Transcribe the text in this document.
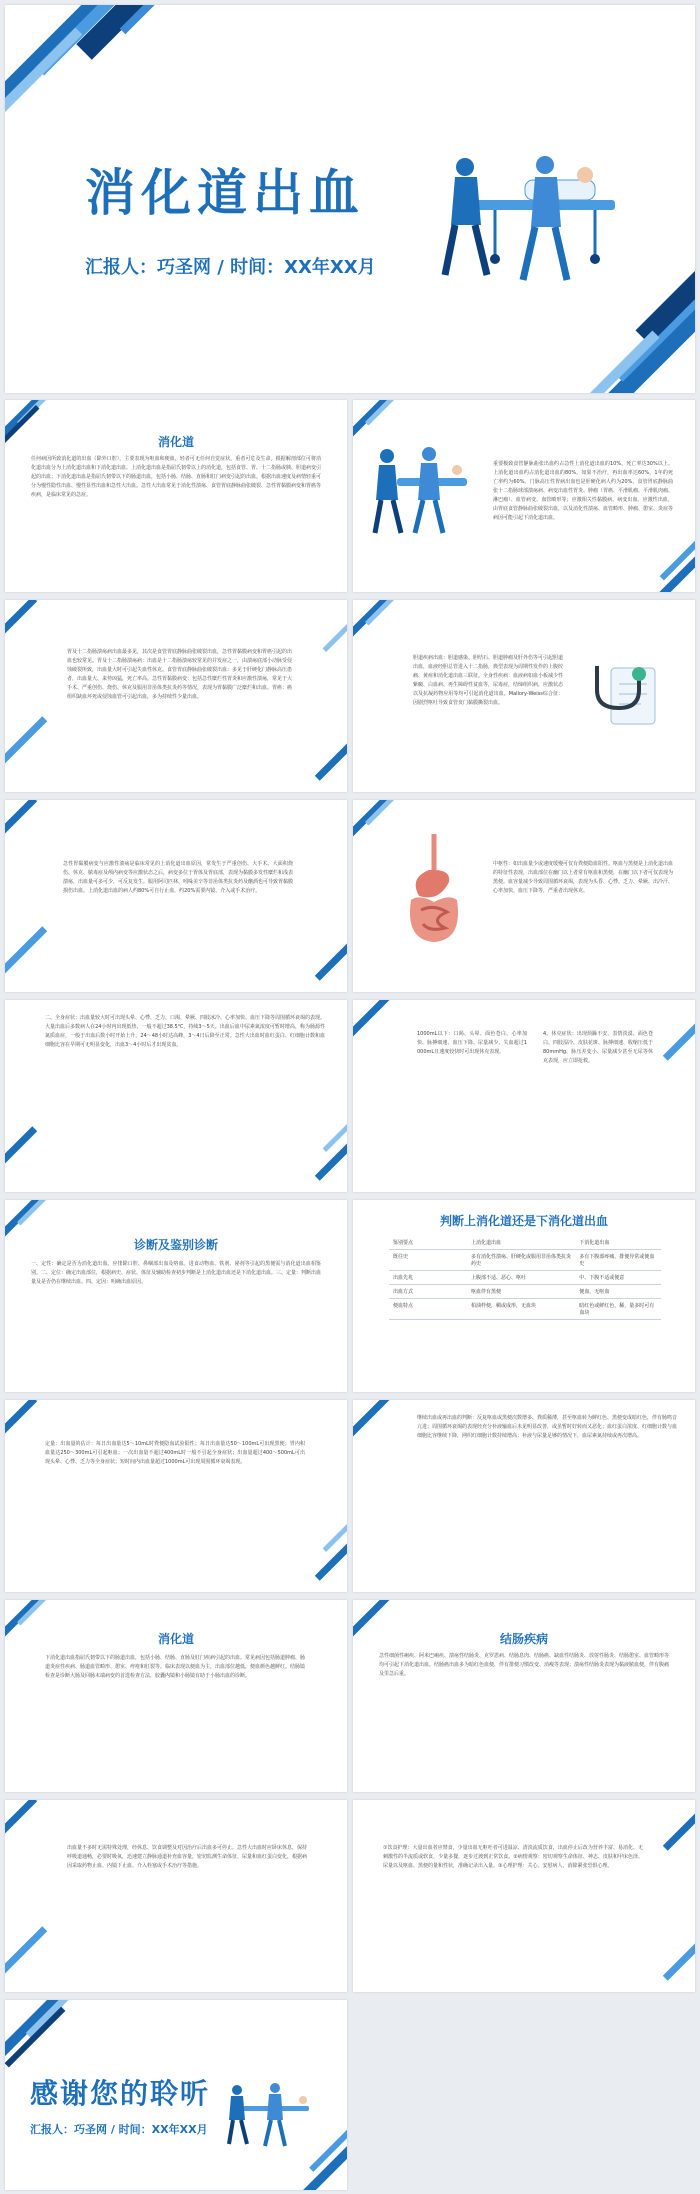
消化道出血
汇报人：巧圣网 / 时间：XX年XX月
消化道
任何病因所致消化道的出血（除外口腔），主要表现为呕血和便血，轻者可无任何自觉症状，重者可危及生命。根据解剖部位可将消化道出血分为上消化道出血和下消化道出血。上消化道出血是指屈氏韧带以上的消化道，包括食管、胃、十二指肠或胰、胆道病变引起的出血；下消化道出血是指屈氏韧带以下的肠道出血，包括小肠、结肠、直肠和肛门病变引起的出血。根据出血速度及病情轻重可分为慢性隐性出血、慢性显性出血和急性大出血。急性大出血常见于消化性溃疡、食管胃底静脉曲张破裂、急性胃黏膜病变和胃癌等疾病，是临床常见的急症。
重要极致食管静脉曲张出血约占急性上消化道出血的10%，死亡率达30%以上。上消化道出血约占消化道出血的80%，如果不治疗，再出血率达60%，1年的死亡率约为60%。门脉高压性胃病出血也是肝硬化病人约为20%，食管胃底静脉曲张十二指肠球部溃疡病、病变出血性胃炎、肿瘤（胃癌、平滑肌瘤、平滑肌肉瘤、淋巴瘤）、血管病变、血管畸形等；应激相关性黏膜病、病变出血、应激性出血，由胃底食管静脉曲张破裂出血，以及消化性溃疡、血管畸形、肿瘤、憩室、炎症等病因可能引起下消化道出血。
胃及十二指肠溃疡病出血最多见，其次是食管胃底静脉曲张破裂出血，急性胃黏膜病变和胃癌引起的出血也较常见。胃及十二指肠溃疡病：出血是十二指肠溃疡较常见的并发症之一，由溃疡底部小动脉受侵蚀破裂所致，出血量大时可引起失血性休克。食管胃底静脉曲张破裂出血：多见于肝硬化门静脉高压患者，出血量大、来势凶猛，死亡率高。急性胃黏膜病变：包括急性糜烂性胃炎和应激性溃疡，常见于大手术、严重创伤、烧伤、休克及服用非甾体类抗炎药等情况，表现为胃黏膜广泛糜烂和出血。胃癌：癌组织缺血坏死或侵蚀血管可引起出血，多为持续性少量出血。
胆道疾病出血：胆道感染、胆结石、胆道肿瘤及肝外伤等可引起胆道出血，血液经胆总管进入十二指肠，典型表现为周期性发作的上腹绞痛、黄疸和消化道出血三联征。全身性疾病：血液病如血小板减少性紫癜、白血病、再生障碍性贫血等，尿毒症，结缔组织病，应激状态以及抗凝药物应用等均可引起消化道出血。Mallory-Weiss综合征：因剧烈呕吐导致食管贲门黏膜撕裂出血。
急性胃黏膜病变与应激性溃疡是临床常见的上消化道出血原因，常发生于严重创伤、大手术、大面积烧伤、休克、脓毒症及颅内病变等应激状态之后，病变多位于胃体及胃底部，表现为黏膜多发性糜烂和浅表溃疡，出血量可多可少，可反复发生。服用阿司匹林、吲哚美辛等非甾体类抗炎药及酗酒也可导致胃黏膜损伤出血。上消化道出血的病人约80%可自行止血，约20%需要内镜、介入或手术治疗。
中枢性：如出血量少或速度缓慢可仅有粪便隐血阳性。呕血与黑便是上消化道出血的特征性表现，出血部位在幽门以上者常有呕血和黑便，在幽门以下者可仅表现为黑便。血容量减少导致周围循环衰竭，表现为头昏、心悸、乏力、晕厥、出冷汗、心率加快、血压下降等，严重者出现休克。
二、全身症状：出血量较大时可出现头晕、心悸、乏力、口渴、晕厥、四肢冰冷、心率加快、血压下降等周围循环衰竭的表现。大量出血后多数病人在24小时内出现低热，一般不超过38.5℃，持续3～5天。出血后血中尿素氮浓度可暂时增高，称为肠源性氮质血症，一般于出血后数小时开始上升，24～48小时达高峰，3～4日后降至正常。急性大出血时血红蛋白、红细胞计数和血细胞比容在早期可无明显变化，出血3～4小时后才出现贫血。
1000mL以下：口渴、头晕、面色苍白、心率加快、脉搏细速、血压下降、尿量减少，失血超过1000mL且速度较快时可出现休克表现。
4、休克症状：出现烦躁不安、表情淡漠、面色苍白、四肢湿冷、皮肤花斑、脉搏细速、收缩压低于80mmHg、脉压差变小、尿量减少甚至无尿等休克表现，应立即抢救。
诊断及鉴别诊断
一、定性：确定是否为消化道出血。应排除口腔、鼻咽部出血及咯血。进食动物血、铁剂、铋剂等引起的黑便需与消化道出血相鉴别。二、定位：确定出血部位，根据病史、症状、体征及辅助检查初步判断是上消化道出血还是下消化道出血。三、定量：判断出血量及是否仍在继续出血。四、定因：明确出血原因。
判断上消化道还是下消化道出血
鉴别要点	上消化道出血	下消化道出血
既往史	多有消化性溃疡、肝硬化或服用非甾体类抗炎药史	多有下腹部疼痛、排便异常或便血史
出血先兆	上腹部不适、恶心、呕吐	中、下腹不适或便意
出血方式	呕血伴有黑便	便血，无呕血
便血特点	柏油样便，稠或成形，无血块	暗红色或鲜红色，稀，量多时可有血块
定量：出血量的估计：每日出血量达5～10mL时粪便隐血试验阳性；每日出血量达50～100mL可出现黑便；胃内积血量达250～300mL可引起呕血；一次出血量不超过400mL时一般不引起全身症状；出血量超过400～500mL可出现头晕、心悸、乏力等全身症状；短时间内出血量超过1000mL可出现周围循环衰竭表现。
继续出血或再出血的判断：反复呕血或黑便次数增多、粪质稀薄，甚至呕血转为鲜红色、黑便变成暗红色，伴有肠鸣音亢进；周围循环衰竭的表现经充分补液输血后未见明显改善，或虽暂时好转而又恶化；血红蛋白浓度、红细胞计数与血细胞比容继续下降，网织红细胞计数持续增高；补液与尿量足够的情况下，血尿素氮持续或再次增高。
消化道
下消化道出血指屈氏韧带以下的肠道出血，包括小肠、结肠、直肠及肛门疾病引起的出血。常见病因包括肠道肿瘤、肠道炎症性疾病、肠道血管畸形、憩室、痔疮和肛裂等。临床表现以便血为主，出血部位越低，便血颜色越鲜红。结肠镜检查是诊断大肠及回肠末端病变的首选检查方法，胶囊内镜和小肠镜有助于小肠出血的诊断。
结肠疾病
急性细菌性痢疾、阿米巴痢疾、溃疡性结肠炎、克罗恩病、结肠息肉、结肠癌、缺血性结肠炎、放射性肠炎、结肠憩室、血管畸形等均可引起下消化道出血。结肠癌出血多为暗红色血便，伴有排便习惯改变、消瘦等表现；溃疡性结肠炎表现为黏液脓血便，伴有腹痛及里急后重。
出血量不多时无需特殊处理，经休息、饮食调整及对因治疗后出血多可停止。急性大出血时应卧床休息，保持呼吸道通畅，必要时吸氧，迅速建立静脉通道补充血容量，密切监测生命体征、尿量和血红蛋白变化，根据病因采取药物止血、内镜下止血、介入栓塞或手术治疗等措施。
①饮食护理：大量出血者应禁食，少量出血无呕吐者可进温凉、清淡流质饮食，出血停止后改为营养丰富、易消化、无刺激性的半流质或软食，少量多餐，逐步过渡到正常饮食。②病情观察：密切观察生命体征、神志、皮肤和甲床色泽、尿量以及呕血、黑便的量和性状，准确记录出入量。③心理护理：关心、安慰病人，消除紧张恐惧心理。
感谢您的聆听
汇报人：巧圣网 / 时间：XX年XX月
